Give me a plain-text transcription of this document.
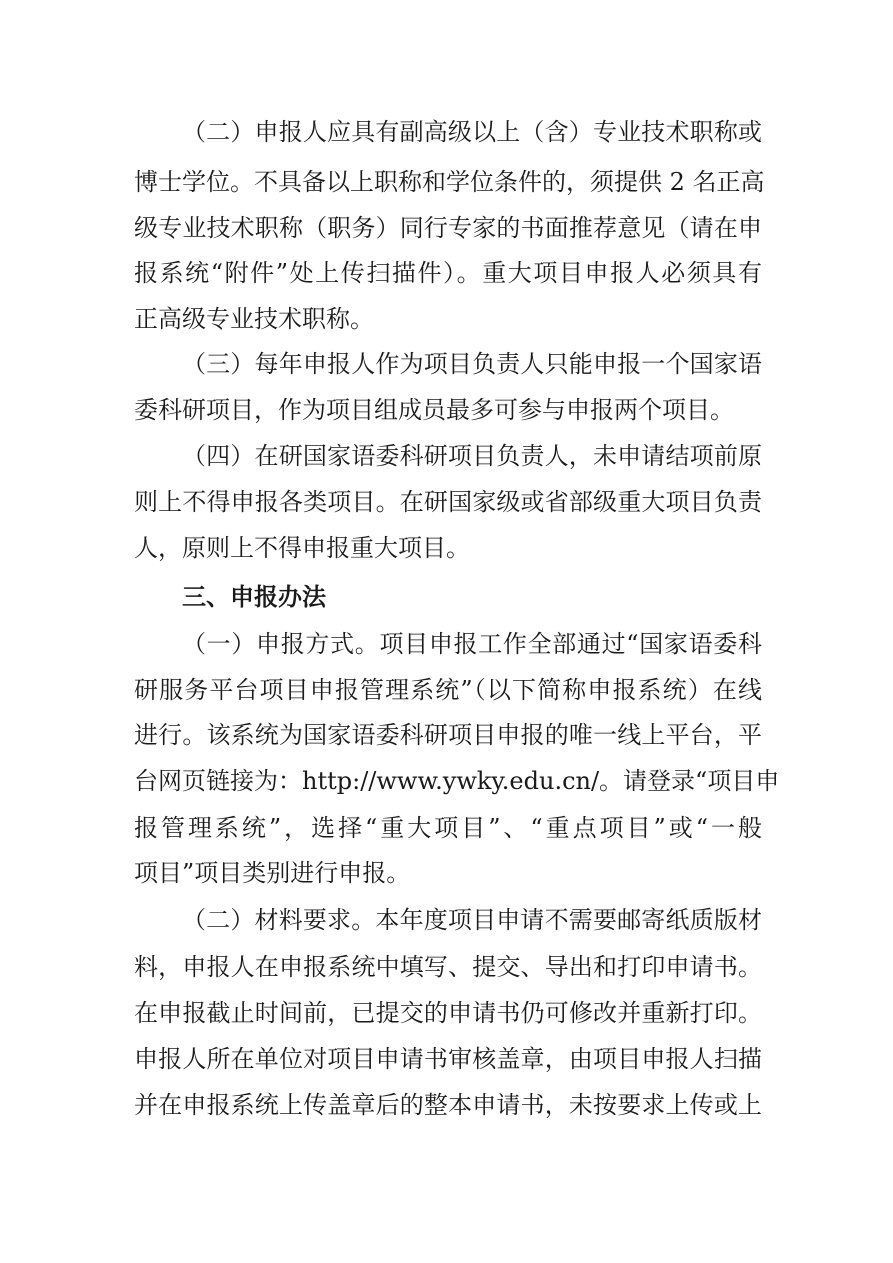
（二）申报人应具有副高级以上（含）专业技术职称或
博士学位。不具备以上职称和学位条件的，须提供 2 名正高
级专业技术职称（职务）同行专家的书面推荐意见（请在申
报系统“附件”处上传扫描件）。重大项目申报人必须具有
正高级专业技术职称。
（三）每年申报人作为项目负责人只能申报一个国家语
委科研项目，作为项目组成员最多可参与申报两个项目。
（四）在研国家语委科研项目负责人，未申请结项前原
则上不得申报各类项目。在研国家级或省部级重大项目负责
人，原则上不得申报重大项目。
三、申报办法
（一）申报方式。项目申报工作全部通过“国家语委科
研服务平台项目申报管理系统”（以下简称申报系统）在线
进行。该系统为国家语委科研项目申报的唯一线上平台，平
台网页链接为：http://www.ywky.edu.cn/。请登录“项目申
报管理系统”，选择“重大项目”、“重点项目”或“一般
项目”项目类别进行申报。
（二）材料要求。本年度项目申请不需要邮寄纸质版材
料，申报人在申报系统中填写、提交、导出和打印申请书。
在申报截止时间前，已提交的申请书仍可修改并重新打印。
申报人所在单位对项目申请书审核盖章，由项目申报人扫描
并在申报系统上传盖章后的整本申请书，未按要求上传或上
